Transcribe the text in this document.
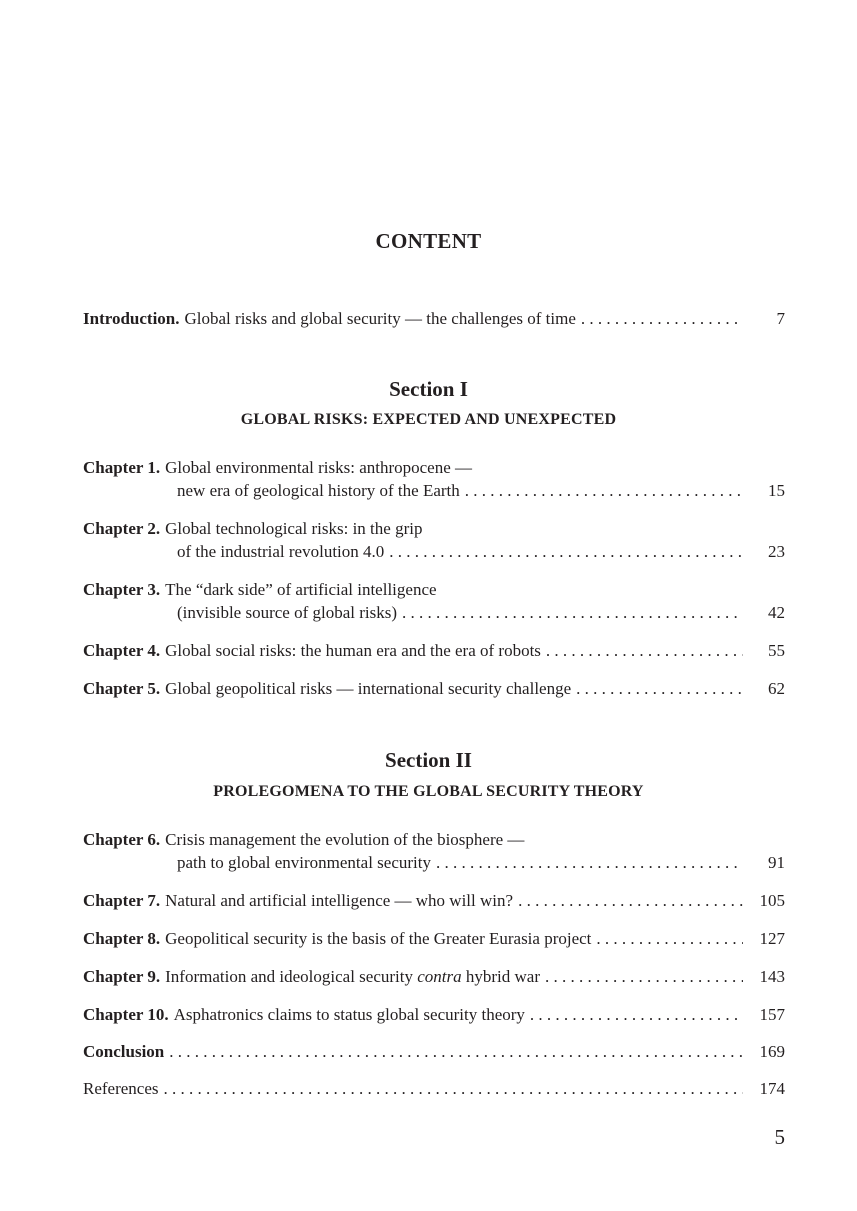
CONTENT
Introduction. Global risks and global security — the challenges of time . . .	7
Section I
GLOBAL RISKS: EXPECTED AND UNEXPECTED
Chapter 1. Global environmental risks: anthropocene —
new era of geological history of the Earth . . .	15
Chapter 2. Global technological risks: in the grip
of the industrial revolution 4.0 . . .	23
Chapter 3. The “dark side” of artificial intelligence
(invisible source of global risks) . . .	42
Chapter 4. Global social risks: the human era and the era of robots . . .	55
Chapter 5. Global geopolitical risks — international security challenge . . .	62
Section II
PROLEGOMENA TO THE GLOBAL SECURITY THEORY
Chapter 6. Crisis management the evolution of the biosphere —
path to global environmental security . . .	91
Chapter 7. Natural and artificial intelligence — who will win? . . .	105
Chapter 8. Geopolitical security is the basis of the Greater Eurasia project . . .	127
Chapter 9. Information and ideological security contra hybrid war . . .	143
Chapter 10. Asphatronics claims to status global security theory . . .	157
Conclusion . . .	169
References . . .	174
5
